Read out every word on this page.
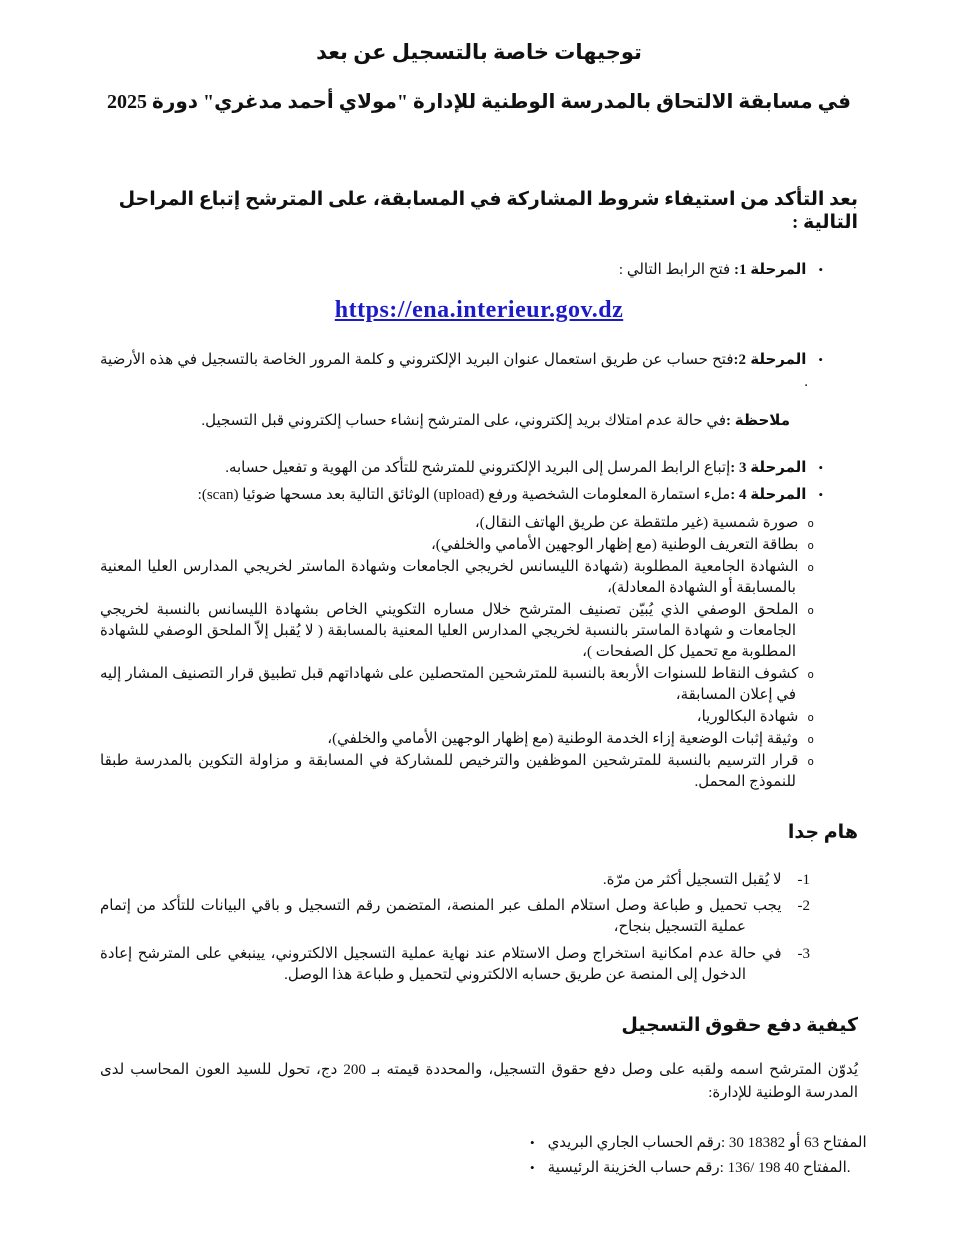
توجيهات خاصة بالتسجيل عن بعد
في مسابقة الالتحاق بالمدرسة الوطنية للإدارة "مولاي أحمد مدغري" دورة 2025
بعد التأكد من استيفاء شروط المشاركة في المسابقة، على المترشح إتباع المراحل التالية :
•المرحلة 1: فتح الرابط التالي :
https://ena.interieur.gov.dz
•المرحلة 2:فتح حساب عن طريق استعمال عنوان البريد الإلكتروني و كلمة المرور الخاصة بالتسجيل في هذه الأرضية .

ملاحظة :في حالة عدم امتلاك بريد إلكتروني، على المترشح إنشاء حساب إلكتروني قبل التسجيل.

•المرحلة 3 :إتباع الرابط المرسل إلى البريد الإلكتروني للمترشح للتأكد من الهوية و تفعيل حسابه.
•المرحلة 4 :ملء استمارة المعلومات الشخصية ورفع (upload) الوثائق التالية بعد مسحها ضوئيا (scan):
oصورة شمسية (غير ملتقطة عن طريق الهاتف النقال)،
oبطاقة التعريف الوطنية (مع إظهار الوجهين الأمامي والخلفي)،
oالشهادة الجامعية المطلوبة (شهادة الليسانس لخريجي الجامعات وشهادة الماستر لخريجي المدارس العليا المعنية بالمسابقة أو الشهادة المعادلة)،
oالملحق الوصفي الذي يُبيّن تصنيف المترشح خلال مساره التكويني الخاص بشهادة الليسانس بالنسبة لخريجي الجامعات و شهادة الماستر بالنسبة لخريجي المدارس العليا المعنية بالمسابقة ( لا يُقبل إلاّ الملحق الوصفي للشهادة المطلوبة مع تحميل كل الصفحات )،
oكشوف النقاط للسنوات الأربعة بالنسبة للمترشحين المتحصلين على شهاداتهم قبل تطبيق قرار التصنيف المشار إليه في إعلان المسابقة،
oشهادة البكالوريا،
oوثيقة إثبات الوضعية إزاء الخدمة الوطنية (مع إظهار الوجهين الأمامي والخلفي)،
oقرار الترسيم بالنسبة للمترشحين الموظفين والترخيص للمشاركة في المسابقة و مزاولة التكوين بالمدرسة طبقا للنموذج المحمل.
هام جدا
1-لا يُقبل التسجيل أكثر من مرّة.
2-يجب تحميل و طباعة وصل استلام الملف عبر المنصة، المتضمن رقم التسجيل و باقي البيانات للتأكد من إتمام عملية التسجيل بنجاح،
3-في حالة عدم امكانية استخراج وصل الاستلام عند نهاية عملية التسجيل الالكتروني، يينبغي على المترشح إعادة الدخول إلى المنصة عن طريق حسابه الالكتروني لتحميل و طباعة هذا الوصل.
كيفية دفع حقوق التسجيل

يُدوّن المترشح اسمه ولقبه على وصل دفع حقوق التسجيل، والمحددة قيمته بـ 200 دج، تحول للسيد العون المحاسب لدى المدرسة الوطنية للإدارة:

• رقم الحساب الجاري البريدي:‎ 30 18382 المفتاح 63 أو
• رقم حساب الخزينة الرئيسية:‎ 136/ 198 المفتاح 40.
